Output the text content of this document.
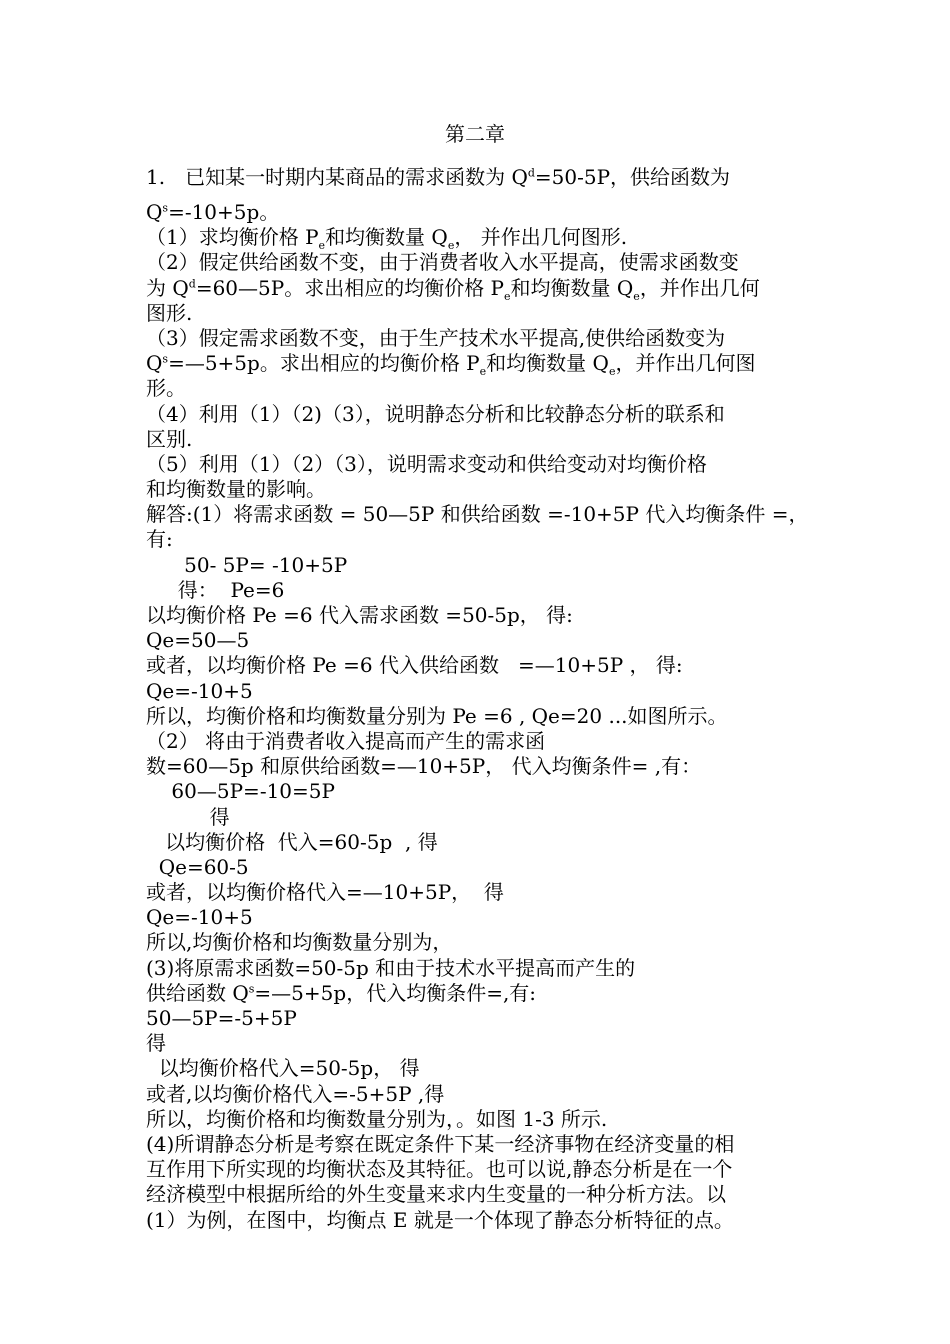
第二章
1.　已知某一时期内某商品的需求函数为 $Q^d=50-5P$，供给函数为
$Q^s=-10+5p$。
（1）求均衡价格 $P_e$和均衡数量 $Q_e$， 并作出几何图形.
（2）假定供给函数不变，由于消费者收入水平提高，使需求函数变
为 $Q^d=60—5P$。求出相应的均衡价格 $P_e$和均衡数量 $Q_e$，并作出几何
图形.
（3）假定需求函数不变，由于生产技术水平提高,使供给函数变为
$Q^s=—5+5p$。求出相应的均衡价格 $P_e$和均衡数量 $Q_e$，并作出几何图
形。
（4）利用（1）（2)（3），说明静态分析和比较静态分析的联系和
区别.
（5）利用（1）（2）（3），说明需求变动和供给变动对均衡价格
和均衡数量的影响。
解答:(1）将需求函数 = 50—5P 和供给函数 =-10+5P 代入均衡条件 =，
有:
50- 5P= -10+5P
得：  Pe=6
以均衡价格 Pe =6 代入需求函数 =50-5p， 得:
Qe=50—5
或者，以均衡价格 Pe =6 代入供给函数   =—10+5P ， 得:
Qe=-10+5
所以，均衡价格和均衡数量分别为 Pe =6 , Qe=20 ...如图所示。
（2） 将由于消费者收入提高而产生的需求函
数=60—5p 和原供给函数=—10+5P， 代入均衡条件= ,有：
60—5P=-10=5P
得
以均衡价格  代入=60-5p  , 得
Qe=60-5
或者，以均衡价格代入=—10+5P，  得
Qe=-10+5
所以,均衡价格和均衡数量分别为，
(3)将原需求函数=50-5p 和由于技术水平提高而产生的
供给函数 $Q^s=—5+5p$，代入均衡条件=,有:
50—5P=-5+5P
得
以均衡价格代入=50-5p， 得
或者,以均衡价格代入=-5+5P ,得
所以，均衡价格和均衡数量分别为，。如图 1-3 所示.
(4)所谓静态分析是考察在既定条件下某一经济事物在经济变量的相
互作用下所实现的均衡状态及其特征。也可以说,静态分析是在一个
经济模型中根据所给的外生变量来求内生变量的一种分析方法。以
(1）为例，在图中，均衡点 E 就是一个体现了静态分析特征的点。
